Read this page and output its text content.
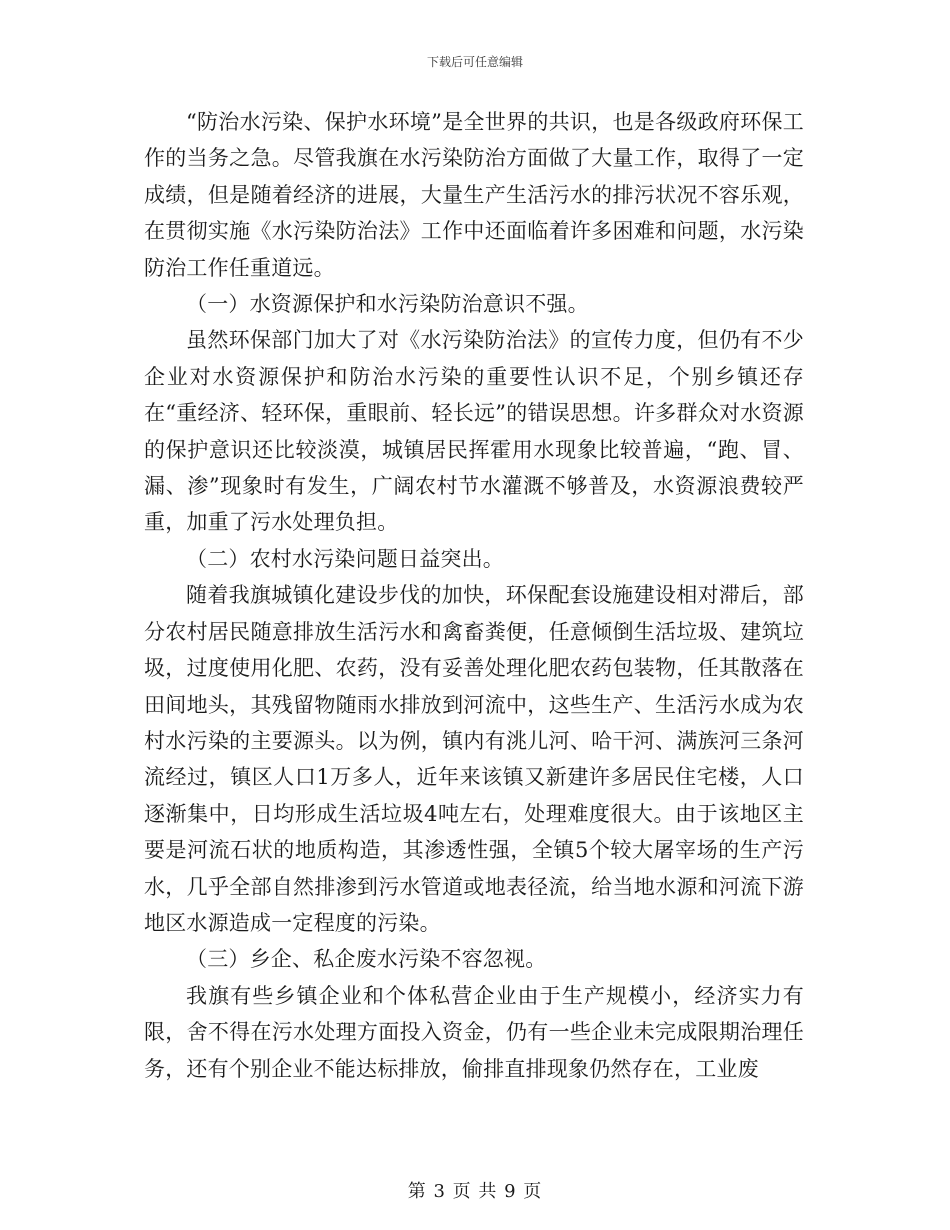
下载后可任意编辑

“防治水污染、保护水环境”是全世界的共识，也是各级政府环保工作的当务之急。尽管我旗在水污染防治方面做了大量工作，取得了一定成绩，但是随着经济的进展，大量生产生活污水的排污状况不容乐观，在贯彻实施《水污染防治法》工作中还面临着许多困难和问题，水污染防治工作任重道远。

（一）水资源保护和水污染防治意识不强。

虽然环保部门加大了对《水污染防治法》的宣传力度，但仍有不少企业对水资源保护和防治水污染的重要性认识不足，个别乡镇还存在“重经济、轻环保，重眼前、轻长远”的错误思想。许多群众对水资源的保护意识还比较淡漠，城镇居民挥霍用水现象比较普遍，“跑、冒、漏、渗”现象时有发生，广阔农村节水灌溉不够普及，水资源浪费较严重，加重了污水处理负担。

（二）农村水污染问题日益突出。

随着我旗城镇化建设步伐的加快，环保配套设施建设相对滞后，部分农村居民随意排放生活污水和禽畜粪便，任意倾倒生活垃圾、建筑垃圾，过度使用化肥、农药，没有妥善处理化肥农药包装物，任其散落在田间地头，其残留物随雨水排放到河流中，这些生产、生活污水成为农村水污染的主要源头。以为例，镇内有洮儿河、哈干河、满族河三条河流经过，镇区人口1万多人，近年来该镇又新建许多居民住宅楼，人口逐渐集中，日均形成生活垃圾4吨左右，处理难度很大。由于该地区主要是河流石状的地质构造，其渗透性强，全镇5个较大屠宰场的生产污水，几乎全部自然排渗到污水管道或地表径流，给当地水源和河流下游地区水源造成一定程度的污染。

（三）乡企、私企废水污染不容忽视。

我旗有些乡镇企业和个体私营企业由于生产规模小，经济实力有限，舍不得在污水处理方面投入资金，仍有一些企业未完成限期治理任务，还有个别企业不能达标排放，偷排直排现象仍然存在，工业废

第 3 页 共 9 页
